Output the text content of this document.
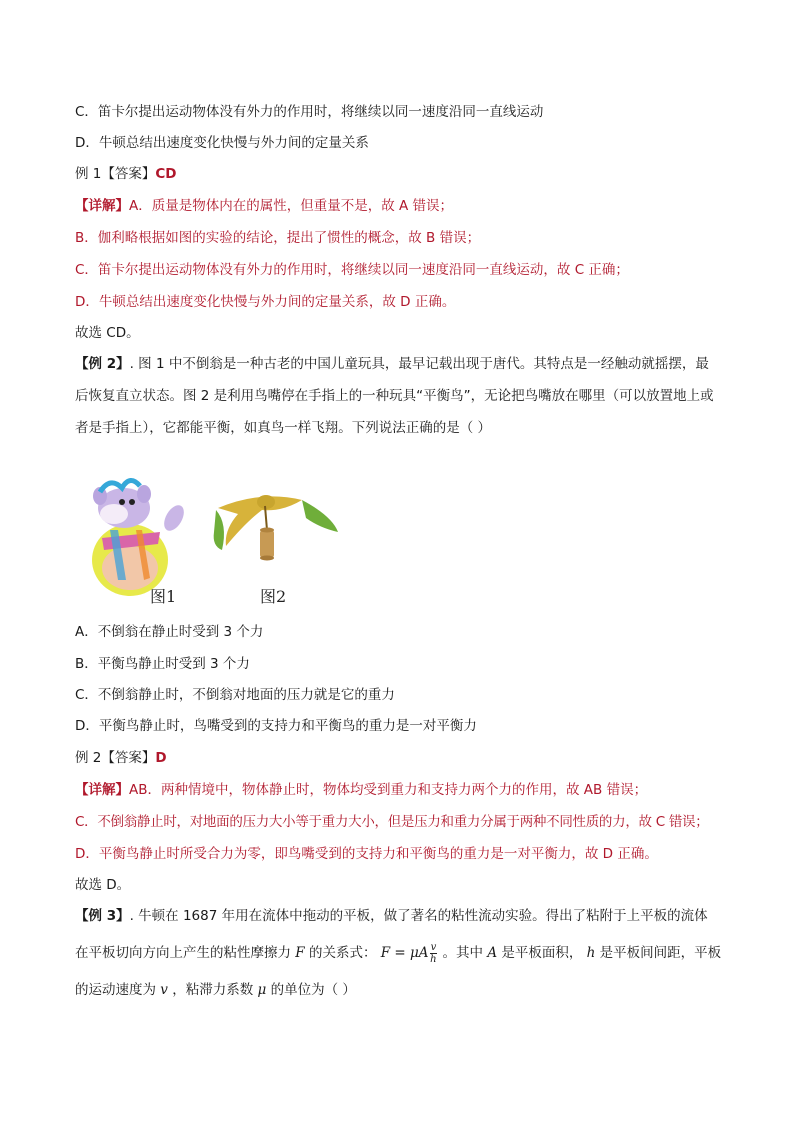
C．笛卡尔提出运动物体没有外力的作用时，将继续以同一速度沿同一直线运动
D．牛顿总结出速度变化快慢与外力间的定量关系
例 1【答案】CD
【详解】A．质量是物体内在的属性，但重量不是，故 A 错误；
B．伽利略根据如图的实验的结论，提出了惯性的概念，故 B 错误；
C．笛卡尔提出运动物体没有外力的作用时，将继续以同一速度沿同一直线运动，故 C 正确；
D．牛顿总结出速度变化快慢与外力间的定量关系，故 D 正确。
故选 CD。
【例 2】. 图 1 中不倒翁是一种古老的中国儿童玩具，最早记载出现于唐代。其特点是一经触动就摇摆，最
后恢复直立状态。图 2 是利用鸟嘴停在手指上的一种玩具“平衡鸟”，无论把鸟嘴放在哪里（可以放置地上或
者是手指上），它都能平衡，如真鸟一样飞翔。下列说法正确的是（ ）
图1	图2
A．不倒翁在静止时受到 3 个力
B．平衡鸟静止时受到 3 个力
C．不倒翁静止时，不倒翁对地面的压力就是它的重力
D．平衡鸟静止时，鸟嘴受到的支持力和平衡鸟的重力是一对平衡力
例 2【答案】D
【详解】AB．两种情境中，物体静止时，物体均受到重力和支持力两个力的作用，故 AB 错误；
C．不倒翁静止时，对地面的压力大小等于重力大小，但是压力和重力分属于两种不同性质的力，故 C 错误；
D．平衡鸟静止时所受合力为零，即鸟嘴受到的支持力和平衡鸟的重力是一对平衡力，故 D 正确。
故选 D。
【例 3】. 牛顿在 1687 年用在流体中拖动的平板，做了著名的粘性流动实验。得出了粘附于上平板的流体
在平板切向方向上产生的粘性摩擦力 F 的关系式： F = μA $\frac{v}{h}$ 。其中 A 是平板面积， h 是平板间间距，平板
的运动速度为 v ，粘滞力系数 μ 的单位为（ ）
